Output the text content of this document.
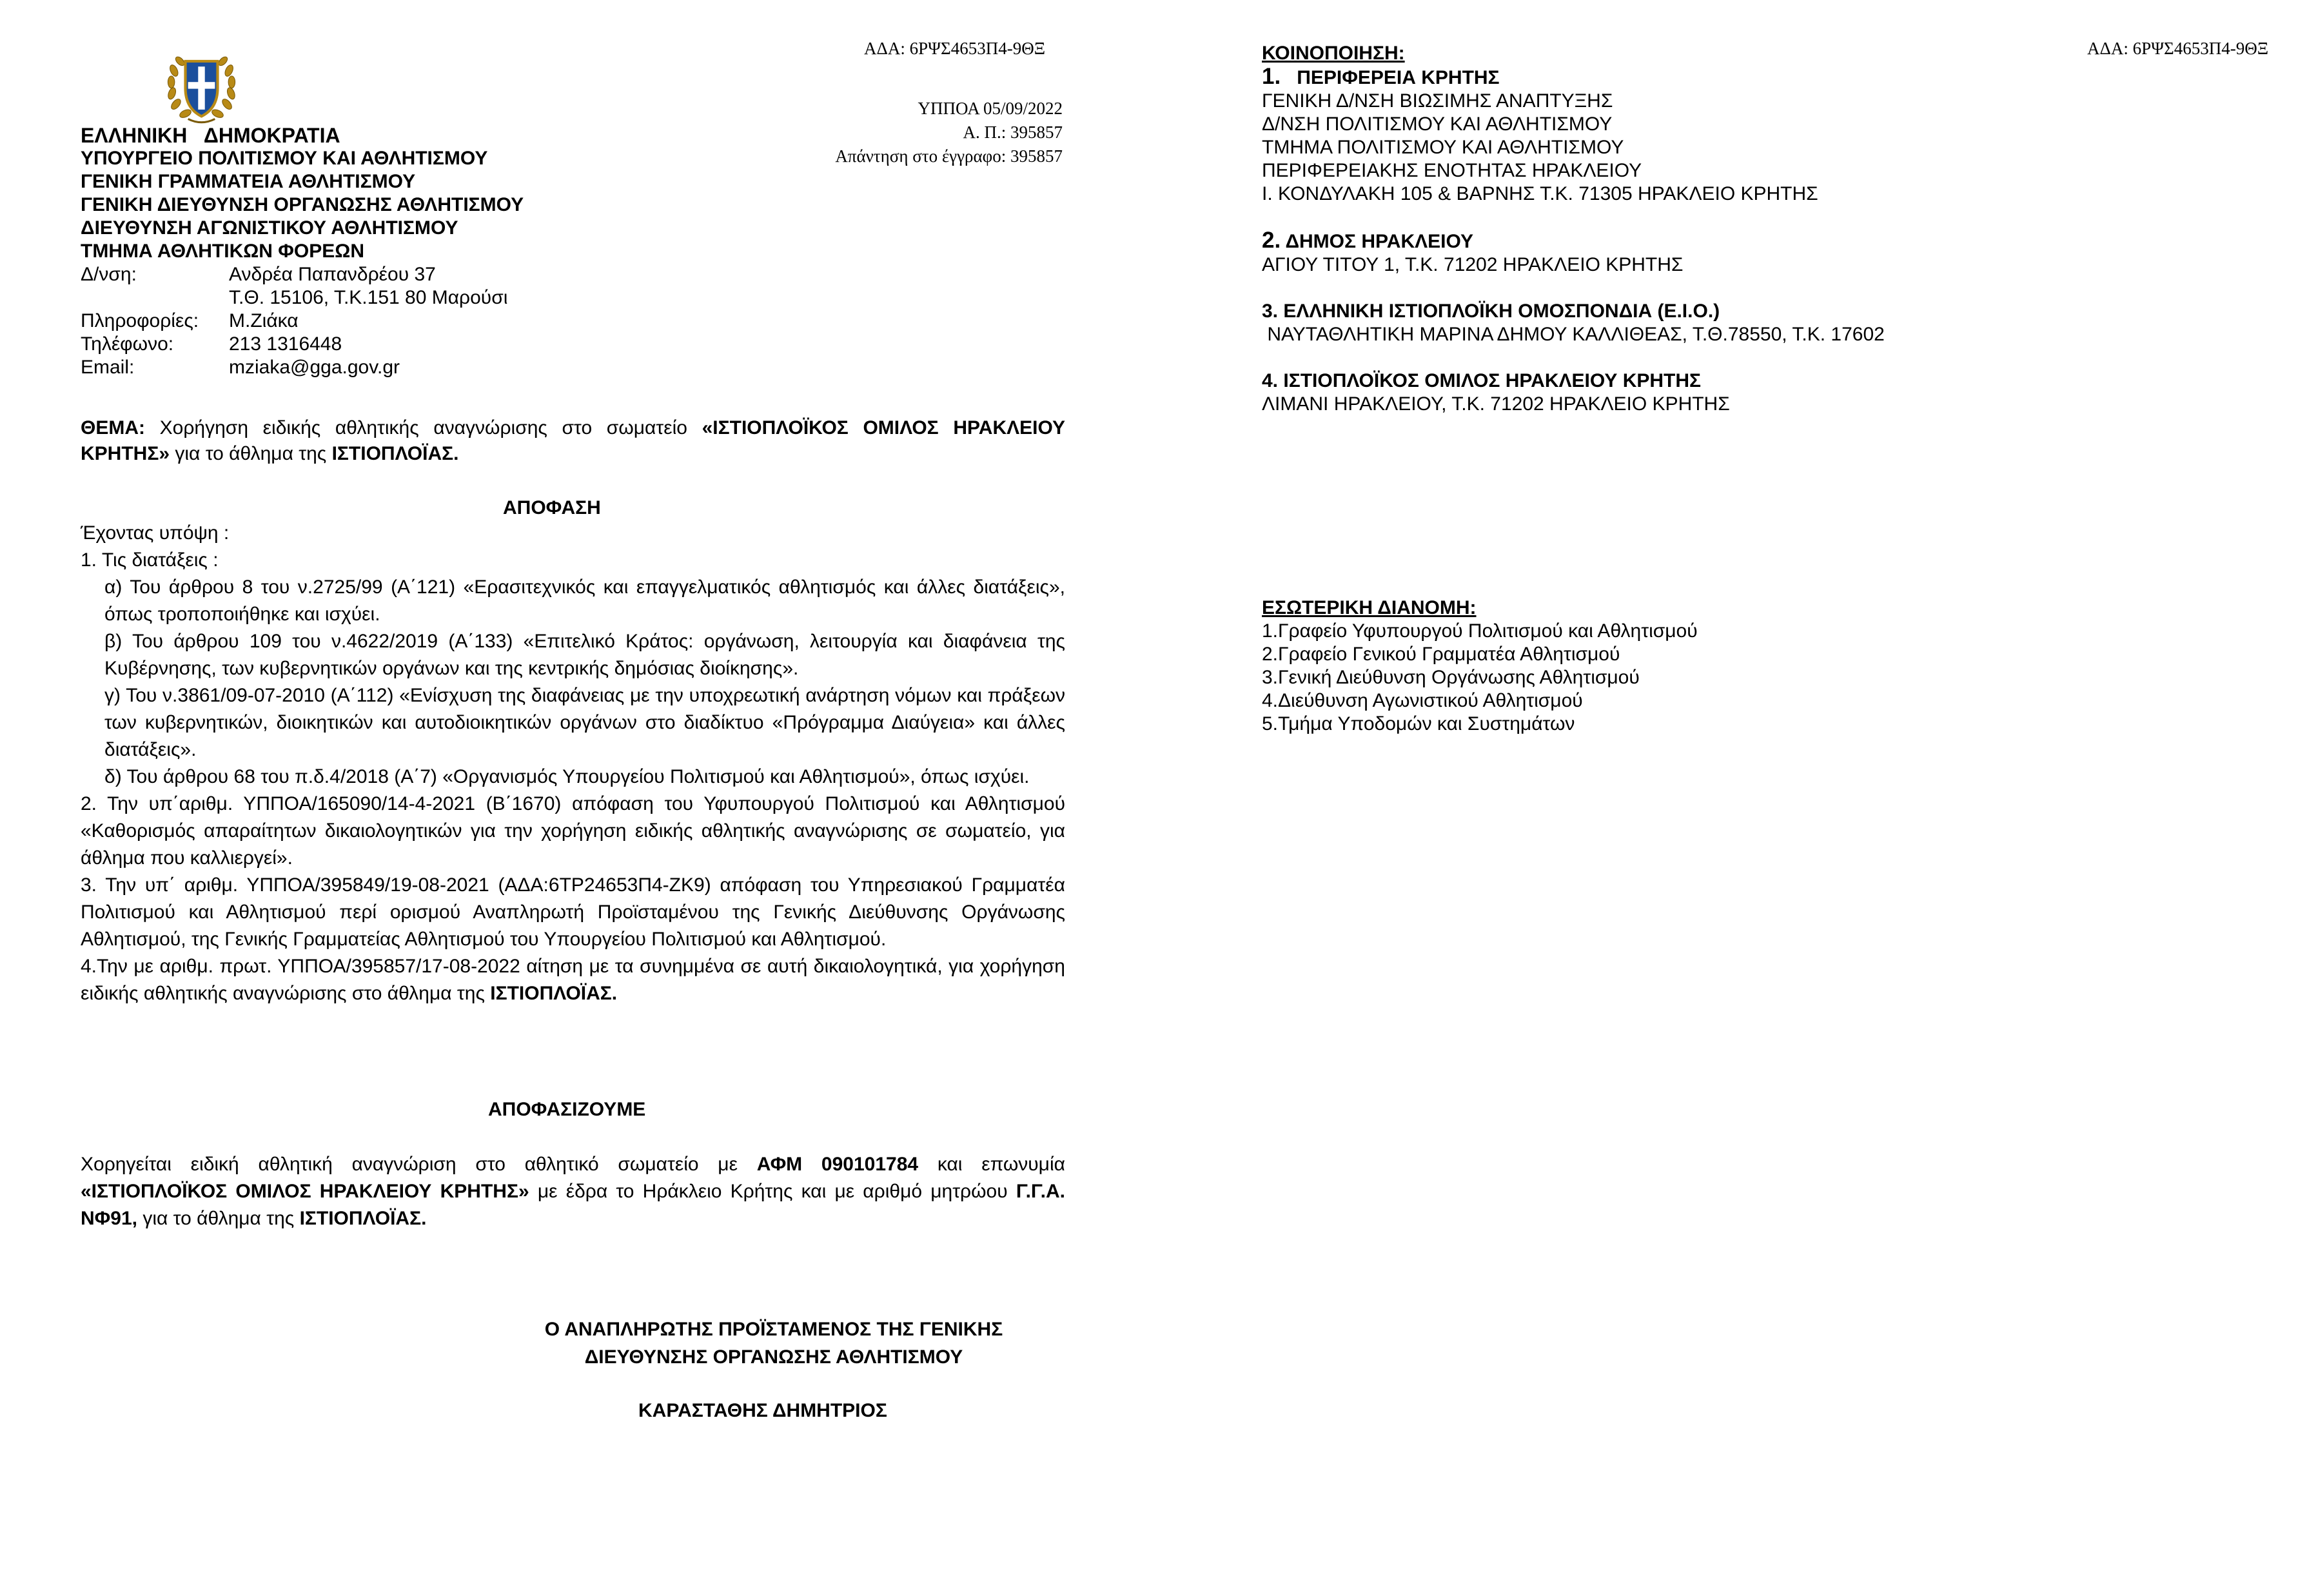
ΑΔΑ: 6ΡΨΣ4653Π4-9ΘΞ
ΥΠΠΟΑ 05/09/2022
Α. Π.: 395857
Απάντηση στο έγγραφο: 395857
ΕΛΛΗΝΙΚΗ   ΔΗΜΟΚΡΑΤΙΑ
ΥΠΟΥΡΓΕΙΟ ΠΟΛΙΤΙΣΜΟΥ ΚΑΙ ΑΘΛΗΤΙΣΜΟΥ
ΓΕΝΙΚΗ ΓΡΑΜΜΑΤΕΙΑ ΑΘΛΗΤΙΣΜΟΥ
ΓΕΝΙΚΗ ΔΙΕΥΘΥΝΣΗ ΟΡΓΑΝΩΣΗΣ ΑΘΛΗΤΙΣΜΟΥ
ΔΙΕΥΘΥΝΣΗ ΑΓΩΝΙΣΤΙΚΟΥ ΑΘΛΗΤΙΣΜΟΥ
ΤΜΗΜΑ ΑΘΛΗΤΙΚΩΝ ΦΟΡΕΩΝ
Δ/νση:	Ανδρέα Παπανδρέου 37
Τ.Θ. 15106, Τ.Κ.151 80 Μαρούσι
Πληροφορίες:	Μ.Ζιάκα
Τηλέφωνο:	213 1316448
Email:	mziaka@gga.gov.gr
ΘΕΜΑ: Χορήγηση ειδικής αθλητικής αναγνώρισης στο σωματείο «ΙΣΤΙΟΠΛΟΪΚΟΣ ΟΜΙΛΟΣ ΗΡΑΚΛΕΙΟΥ ΚΡΗΤΗΣ» για το άθλημα της ΙΣΤΙΟΠΛΟΪΑΣ.
ΑΠΟΦΑΣΗ
Έχοντας υπόψη :
1. Τις διατάξεις :
α) Του άρθρου 8 του ν.2725/99 (Α΄121) «Ερασιτεχνικός και επαγγελματικός αθλητισμός και άλλες διατάξεις», όπως τροποποιήθηκε και ισχύει.
β) Του άρθρου 109 του ν.4622/2019 (Α΄133) «Επιτελικό Κράτος: οργάνωση, λειτουργία και διαφάνεια της Κυβέρνησης, των κυβερνητικών οργάνων και της κεντρικής δημόσιας διοίκησης».
γ) Του ν.3861/09-07-2010 (Α΄112) «Ενίσχυση της διαφάνειας με την υποχρεωτική ανάρτηση νόμων και πράξεων των κυβερνητικών, διοικητικών και αυτοδιοικητικών οργάνων στο διαδίκτυο «Πρόγραμμα Διαύγεια» και άλλες διατάξεις».
δ) Του άρθρου 68 του π.δ.4/2018 (Α΄7) «Οργανισμός Υπουργείου Πολιτισμού και Αθλητισμού», όπως ισχύει.
2. Την υπ΄αριθμ. ΥΠΠΟΑ/165090/14-4-2021 (Β΄1670) απόφαση του Υφυπουργού Πολιτισμού και Αθλητισμού «Καθορισμός απαραίτητων δικαιολογητικών για την χορήγηση ειδικής αθλητικής αναγνώρισης σε σωματείο, για άθλημα που καλλιεργεί».
3. Την υπ΄ αριθμ. ΥΠΠΟΑ/395849/19-08-2021 (ΑΔΑ:6ΤΡ24653Π4-ΖΚ9) απόφαση του Υπηρεσιακού Γραμματέα Πολιτισμού και Αθλητισμού περί ορισμού Αναπληρωτή Προϊσταμένου της Γενικής Διεύθυνσης Οργάνωσης Αθλητισμού, της Γενικής Γραμματείας Αθλητισμού του Υπουργείου Πολιτισμού και Αθλητισμού.
4.Την με αριθμ. πρωτ. ΥΠΠΟΑ/395857/17-08-2022 αίτηση με τα συνημμένα σε αυτή δικαιολογητικά, για χορήγηση ειδικής αθλητικής αναγνώρισης στο άθλημα της ΙΣΤΙΟΠΛΟΪΑΣ.
ΑΠΟΦΑΣΙΖΟΥΜΕ
Χορηγείται ειδική αθλητική αναγνώριση στο αθλητικό σωματείο με ΑΦΜ 090101784 και επωνυμία «ΙΣΤΙΟΠΛΟΪΚΟΣ ΟΜΙΛΟΣ ΗΡΑΚΛΕΙΟΥ ΚΡΗΤΗΣ» με έδρα το Ηράκλειο Κρήτης και με αριθμό μητρώου Γ.Γ.Α. ΝΦ91, για το άθλημα της ΙΣΤΙΟΠΛΟΪΑΣ.
Ο ΑΝΑΠΛΗΡΩΤΗΣ ΠΡΟΪΣΤΑΜΕΝΟΣ ΤΗΣ ΓΕΝΙΚΗΣ
ΔΙΕΥΘΥΝΣΗΣ ΟΡΓΑΝΩΣΗΣ ΑΘΛΗΤΙΣΜΟΥ
ΚΑΡΑΣΤΑΘΗΣ ΔΗΜΗΤΡΙΟΣ
ΑΔΑ: 6ΡΨΣ4653Π4-9ΘΞ
ΚΟΙΝΟΠΟΙΗΣΗ:
1. ΠΕΡΙΦΕΡΕΙΑ ΚΡΗΤΗΣ
ΓΕΝΙΚΗ Δ/ΝΣΗ ΒΙΩΣΙΜΗΣ ΑΝΑΠΤΥΞΗΣ
Δ/ΝΣΗ ΠΟΛΙΤΙΣΜΟΥ ΚΑΙ ΑΘΛΗΤΙΣΜΟΥ
ΤΜΗΜΑ ΠΟΛΙΤΙΣΜΟΥ ΚΑΙ ΑΘΛΗΤΙΣΜΟΥ
ΠΕΡΙΦΕΡΕΙΑΚΗΣ ΕΝΟΤΗΤΑΣ ΗΡΑΚΛΕΙΟΥ
Ι. ΚΟΝΔΥΛΑΚΗ 105 & ΒΑΡΝΗΣ Τ.Κ. 71305 ΗΡΑΚΛΕΙΟ ΚΡΗΤΗΣ
2. ΔΗΜΟΣ ΗΡΑΚΛΕΙΟΥ
ΑΓΙΟΥ ΤΙΤΟΥ 1, Τ.Κ. 71202 ΗΡΑΚΛΕΙΟ ΚΡΗΤΗΣ
3. ΕΛΛΗΝΙΚΗ ΙΣΤΙΟΠΛΟΪΚΗ ΟΜΟΣΠΟΝΔΙΑ (Ε.Ι.Ο.)
ΝΑΥΤΑΘΛΗΤΙΚΗ ΜΑΡΙΝΑ ΔΗΜΟΥ ΚΑΛΛΙΘΕΑΣ, Τ.Θ.78550, Τ.Κ. 17602
4. ΙΣΤΙΟΠΛΟΪΚΟΣ ΟΜΙΛΟΣ ΗΡΑΚΛΕΙΟΥ ΚΡΗΤΗΣ
ΛΙΜΑΝΙ ΗΡΑΚΛΕΙΟΥ, Τ.Κ. 71202 ΗΡΑΚΛΕΙΟ ΚΡΗΤΗΣ
ΕΣΩΤΕΡΙΚΗ ΔΙΑΝΟΜΗ:
1.Γραφείο Υφυπουργού Πολιτισμού και Αθλητισμού
2.Γραφείο Γενικού Γραμματέα Αθλητισμού
3.Γενική Διεύθυνση Οργάνωσης Αθλητισμού
4.Διεύθυνση Αγωνιστικού Αθλητισμού
5.Τμήμα Υποδομών και Συστημάτων
